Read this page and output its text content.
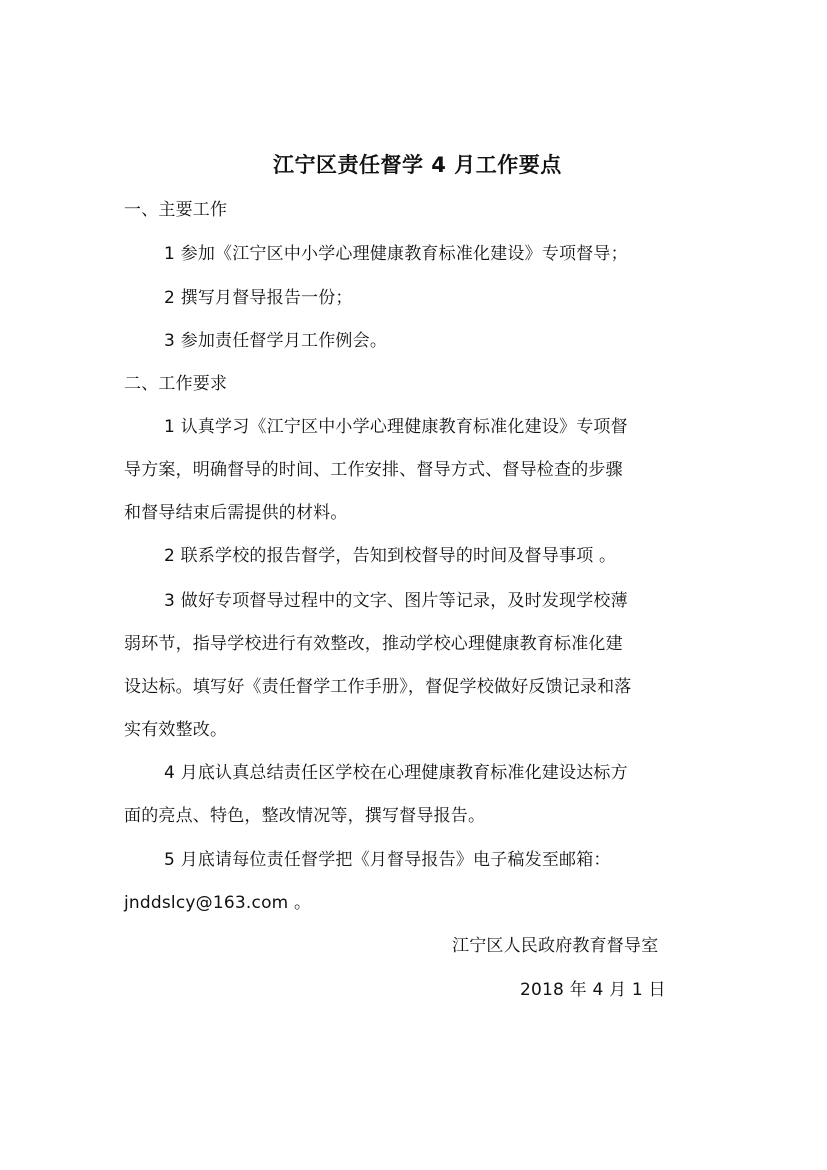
江宁区责任督学 4 月工作要点
一、主要工作
1 参加《江宁区中小学心理健康教育标准化建设》专项督导；
2 撰写月督导报告一份；
3 参加责任督学月工作例会。
二、工作要求
1 认真学习《江宁区中小学心理健康教育标准化建设》专项督
导方案，明确督导的时间、工作安排、督导方式、督导检查的步骤
和督导结束后需提供的材料。
2 联系学校的报告督学，告知到校督导的时间及督导事项 。
3 做好专项督导过程中的文字、图片等记录，及时发现学校薄
弱环节，指导学校进行有效整改，推动学校心理健康教育标准化建
设达标。填写好《责任督学工作手册》，督促学校做好反馈记录和落
实有效整改。
4 月底认真总结责任区学校在心理健康教育标准化建设达标方
面的亮点、特色，整改情况等，撰写督导报告。
5 月底请每位责任督学把《月督导报告》电子稿发至邮箱：
jnddslcy@163.com 。
江宁区人民政府教育督导室
2018 年 4 月 1 日
